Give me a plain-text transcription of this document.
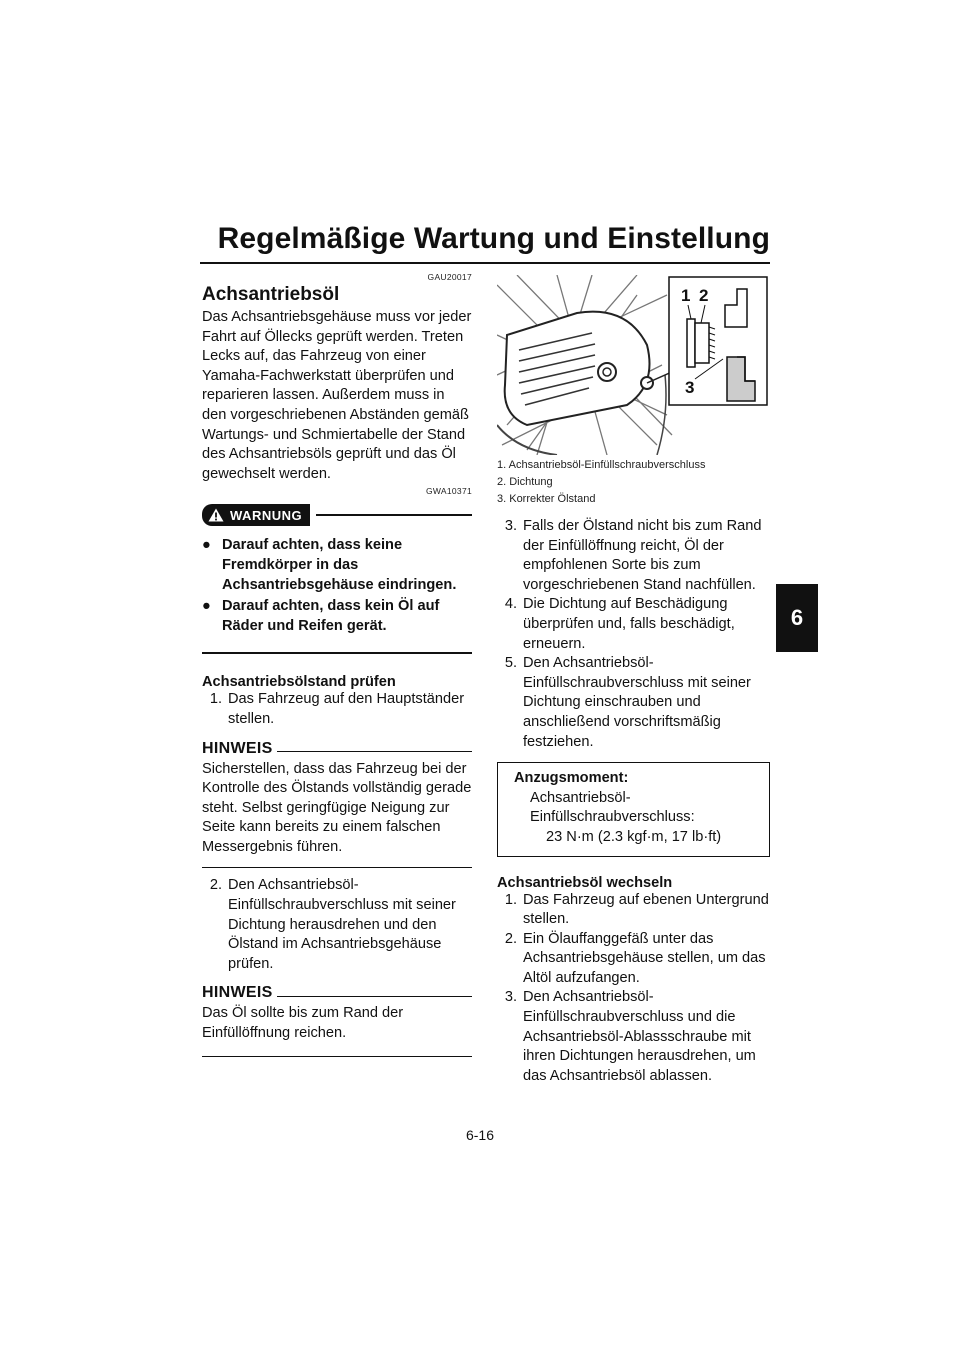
Regelmäßige Wartung und Einstellung
6
GAU20017
Achsantriebsöl
Das Achsantriebsgehäuse muss vor jeder Fahrt auf Öllecks geprüft werden. Treten Lecks auf, das Fahrzeug von einer Yamaha-Fachwerkstatt überprüfen und reparieren lassen. Außerdem muss in den vorgeschriebenen Abständen gemäß Wartungs- und Schmiertabelle der Stand des Achsantriebsöls geprüft und das Öl gewechselt werden.
GWA10371
WARNUNG
● Darauf achten, dass keine Fremdkörper in das Achsantriebsgehäuse eindringen.
● Darauf achten, dass kein Öl auf Räder und Reifen gerät.
Achsantriebsölstand prüfen
1. Das Fahrzeug auf den Hauptständer stellen.
HINWEIS
Sicherstellen, dass das Fahrzeug bei der Kontrolle des Ölstands vollständig gerade steht. Selbst geringfügige Neigung zur Seite kann bereits zu einem falschen Messergebnis führen.
2. Den Achsantriebsöl-Einfüllschraubverschluss mit seiner Dichtung herausdrehen und den Ölstand im Achsantriebsgehäuse prüfen.
HINWEIS
Das Öl sollte bis zum Rand der Einfüllöffnung reichen.
1 2
3
1. Achsantriebsöl-Einfüllschraubverschluss
2. Dichtung
3. Korrekter Ölstand
3. Falls der Ölstand nicht bis zum Rand der Einfüllöffnung reicht, Öl der empfohlenen Sorte bis zum vorgeschriebenen Stand nachfüllen.
4. Die Dichtung auf Beschädigung überprüfen und, falls beschädigt, erneuern.
5. Den Achsantriebsöl-Einfüllschraubverschluss mit seiner Dichtung einschrauben und anschließend vorschriftsmäßig festziehen.
Anzugsmoment:
Achsantriebsöl-Einfüllschraubverschluss:
23 N·m (2.3 kgf·m, 17 lb·ft)
Achsantriebsöl wechseln
1. Das Fahrzeug auf ebenen Untergrund stellen.
2. Ein Ölauffanggefäß unter das Achsantriebsgehäuse stellen, um das Altöl aufzufangen.
3. Den Achsantriebsöl-Einfüllschraubverschluss und die Achsantriebsöl-Ablassschraube mit ihren Dichtungen herausdrehen, um das Achsantriebsöl ablassen.
6-16
